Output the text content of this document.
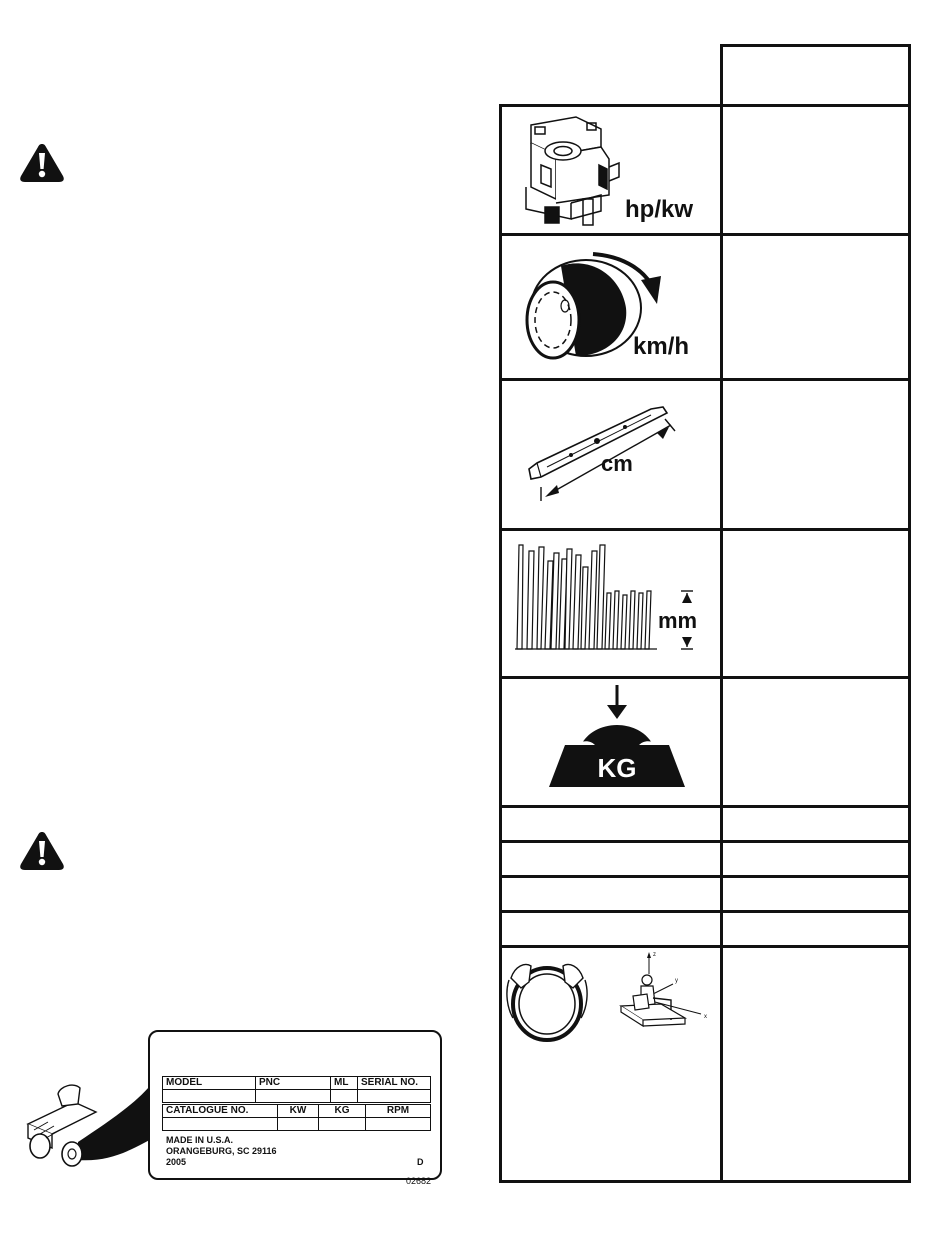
hp/kw
km/h
cm
mm
KG
z
y
x
MODEL	PNC	ML	SERIAL NO.

CATALOGUE NO.	KW	KG	RPM

MADE IN U.S.A.
ORANGEBURG, SC 29116
2005	D
02682
